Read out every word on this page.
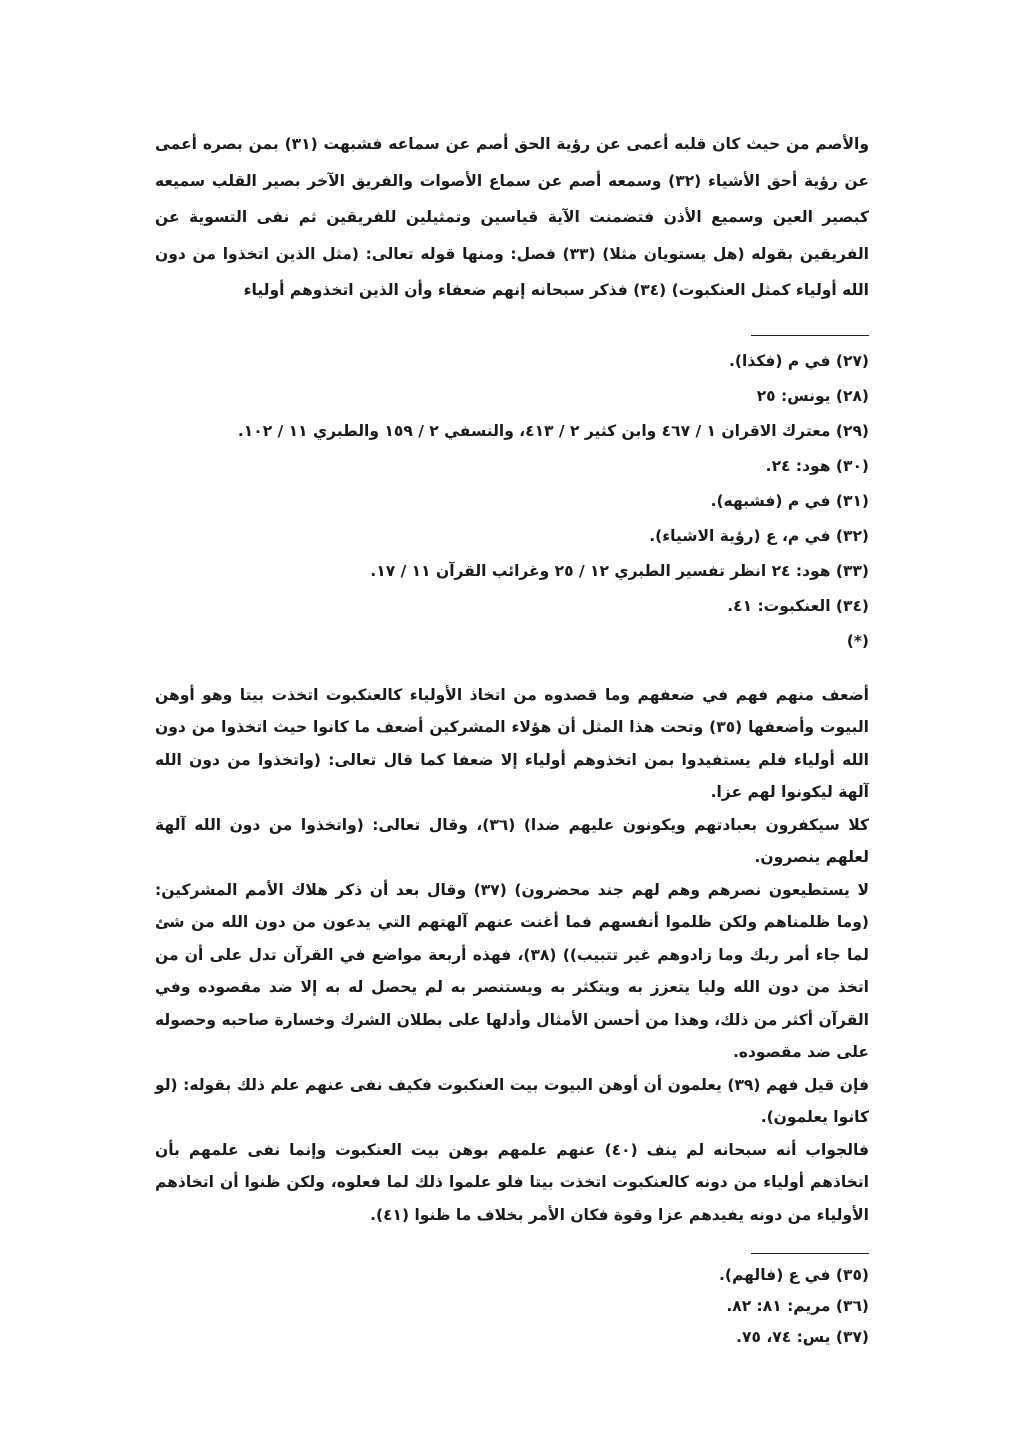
والأصم من حيث كان قلبه أعمى عن رؤية الحق أصم عن سماعه فشبهت (٣١) بمن بصره أعمى عن رؤية أحق الأشياء (٣٢) وسمعه أصم عن سماع الأصوات والفريق الآخر بصير القلب سميعه كبصير العين وسميع الأذن فتضمنت الآية قياسين وتمثيلين للفريقين ثم نفى التسوية عن الفريقين بقوله (هل يستويان مثلا) (٣٣) فصل: ومنها قوله تعالى: (مثل الذين اتخذوا من دون الله أولياء كمثل العنكبوت) (٣٤) فذكر سبحانه إنهم ضعفاء وأن الذين اتخذوهم أولياء

(٢٧) في م (فكذا).
(٢٨) يونس: ٢٥
(٢٩) معترك الاقران ١ / ٤٦٧ وابن كثير ٢ / ٤١٣، والنسفي ٢ / ١٥٩ والطبري ١١ / ١٠٢.
(٣٠) هود: ٢٤.
(٣١) في م (فشبهه).
(٣٢) في م، ع (رؤية الاشياء).
(٣٣) هود: ٢٤ انظر تفسير الطبري ١٢ / ٢٥ وغرائب القرآن ١١ / ١٧.
(٣٤) العنكبوت: ٤١.
(*)

أضعف منهم فهم في ضعفهم وما قصدوه من اتخاذ الأولياء كالعنكبوت اتخذت بيتا وهو أوهن البيوت وأضعفها (٣٥) وتحت هذا المثل أن هؤلاء المشركين أضعف ما كانوا حيث اتخذوا من دون الله أولياء فلم يستفيدوا بمن اتخذوهم أولياء إلا ضعفا كما قال تعالى: (واتخذوا من دون الله آلهة ليكونوا لهم عزا.

كلا سيكفرون بعبادتهم ويكونون عليهم ضدا) (٣٦)، وقال تعالى: (واتخذوا من دون الله آلهة لعلهم ينصرون.

لا يستطيعون نصرهم وهم لهم جند محضرون) (٣٧) وقال بعد أن ذكر هلاك الأمم المشركين: (وما ظلمناهم ولكن ظلموا أنفسهم فما أغنت عنهم آلهتهم التي يدعون من دون الله من شئ لما جاء أمر ربك وما زادوهم غير تتبيب)) (٣٨)، فهذه أربعة مواضع في القرآن تدل على أن من اتخذ من دون الله وليا يتعزز به ويتكثر به ويستنصر به لم يحصل له به إلا ضد مقصوده وفي القرآن أكثر من ذلك، وهذا من أحسن الأمثال وأدلها على بطلان الشرك وخسارة صاحبه وحصوله على ضد مقصوده.

فإن قيل فهم (٣٩) يعلمون أن أوهن البيوت بيت العنكبوت فكيف نفى عنهم علم ذلك بقوله: (لو كانوا يعلمون).

فالجواب أنه سبحانه لم ينف (٤٠) عنهم علمهم بوهن بيت العنكبوت وإنما نفى علمهم بأن اتخاذهم أولياء من دونه كالعنكبوت اتخذت بيتا فلو علموا ذلك لما فعلوه، ولكن ظنوا أن اتخاذهم الأولياء من دونه يفيدهم عزا وقوة فكان الأمر بخلاف ما ظنوا (٤١).

(٣٥) في ع (فالهم).
(٣٦) مريم: ٨١: ٨٢.
(٣٧) يس: ٧٤، ٧٥.
